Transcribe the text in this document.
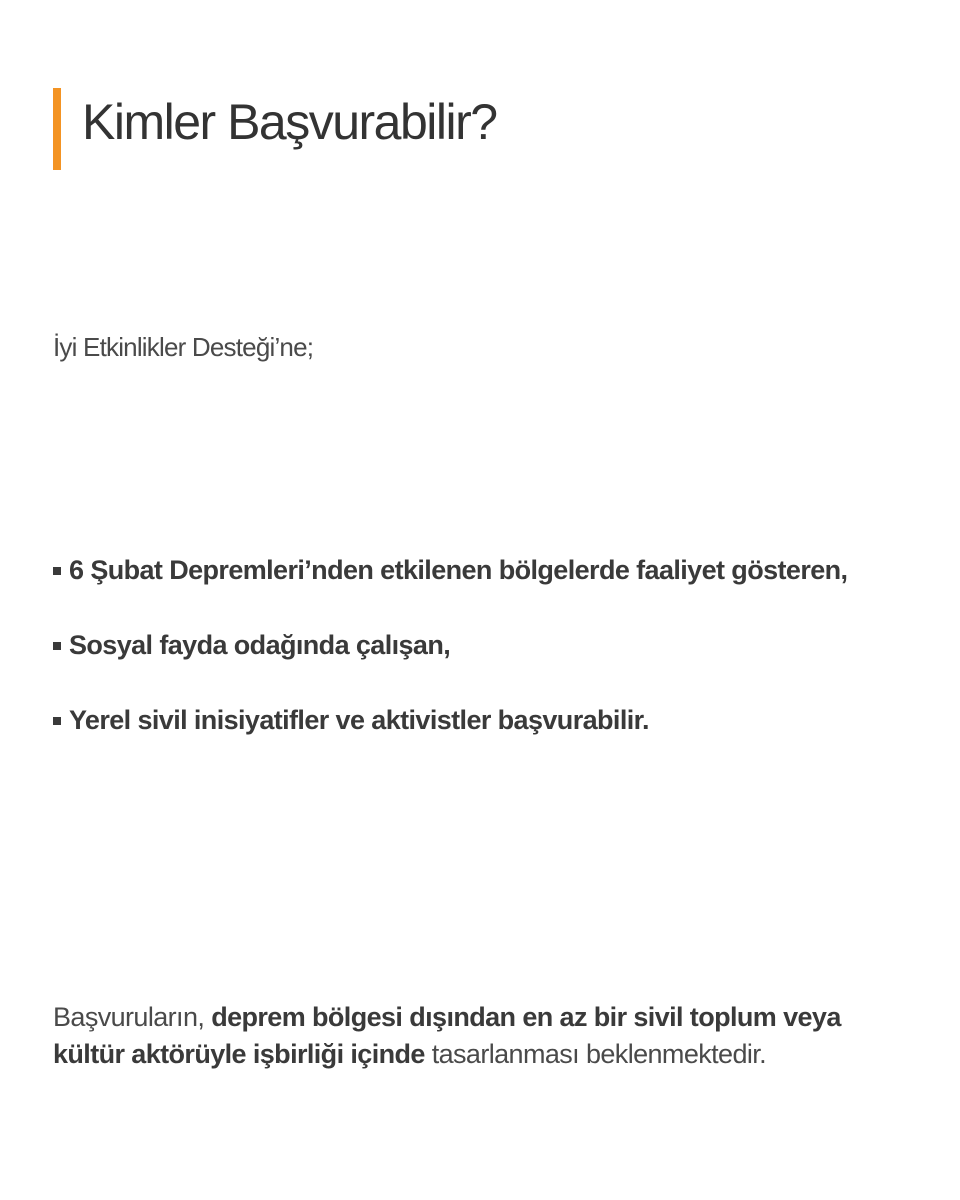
Kimler Başvurabilir?

İyi Etkinlikler Desteği’ne;

6 Şubat Depremleri’nden etkilenen bölgelerde faaliyet gösteren,
Sosyal fayda odağında çalışan,
Yerel sivil inisiyatifler ve aktivistler başvurabilir.

Başvuruların, deprem bölgesi dışından en az bir sivil toplum veya kültür aktörüyle işbirliği içinde tasarlanması beklenmektedir.
